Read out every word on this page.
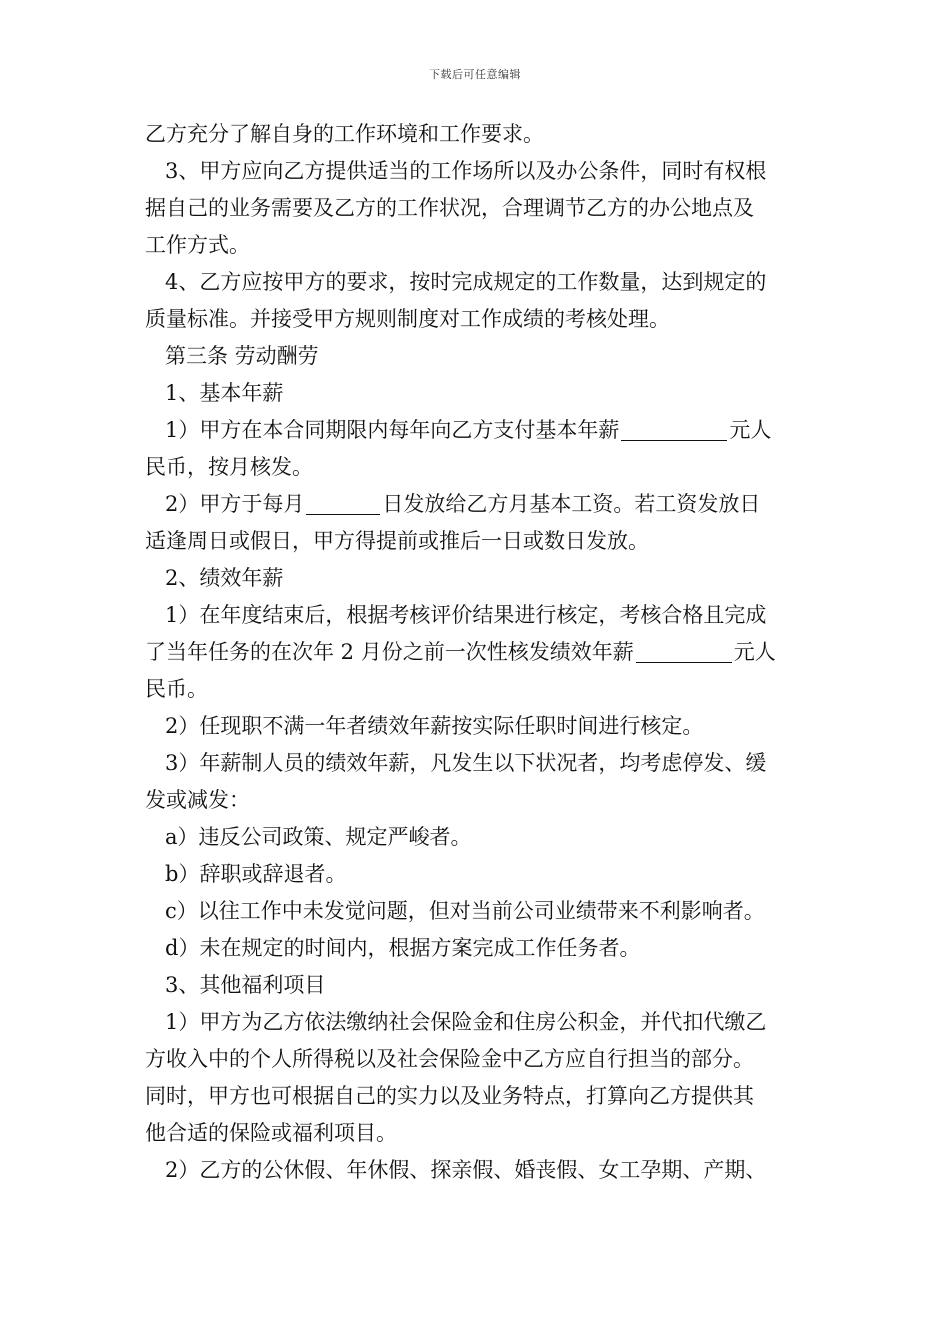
下载后可任意编辑
乙方充分了解自身的工作环境和工作要求。
3、甲方应向乙方提供适当的工作场所以及办公条件，同时有权根
据自己的业务需要及乙方的工作状况，合理调节乙方的办公地点及
工作方式。
4、乙方应按甲方的要求，按时完成规定的工作数量，达到规定的
质量标准。并接受甲方规则制度对工作成绩的考核处理。
第三条 劳动酬劳
1、基本年薪
1）甲方在本合同期限内每年向乙方支付基本年薪	元人
民币，按月核发。
2）甲方于每月	日发放给乙方月基本工资。若工资发放日
适逢周日或假日，甲方得提前或推后一日或数日发放。
2、绩效年薪
1）在年度结束后，根据考核评价结果进行核定，考核合格且完成
了当年任务的在次年 2 月份之前一次性核发绩效年薪	元人
民币。
2）任现职不满一年者绩效年薪按实际任职时间进行核定。
3）年薪制人员的绩效年薪，凡发生以下状况者，均考虑停发、缓
发或减发：
a）违反公司政策、规定严峻者。
b）辞职或辞退者。
c）以往工作中未发觉问题，但对当前公司业绩带来不利影响者。
d）未在规定的时间内，根据方案完成工作任务者。
3、其他福利项目
1）甲方为乙方依法缴纳社会保险金和住房公积金，并代扣代缴乙
方收入中的个人所得税以及社会保险金中乙方应自行担当的部分。
同时，甲方也可根据自己的实力以及业务特点，打算向乙方提供其
他合适的保险或福利项目。
2）乙方的公休假、年休假、探亲假、婚丧假、女工孕期、产期、
